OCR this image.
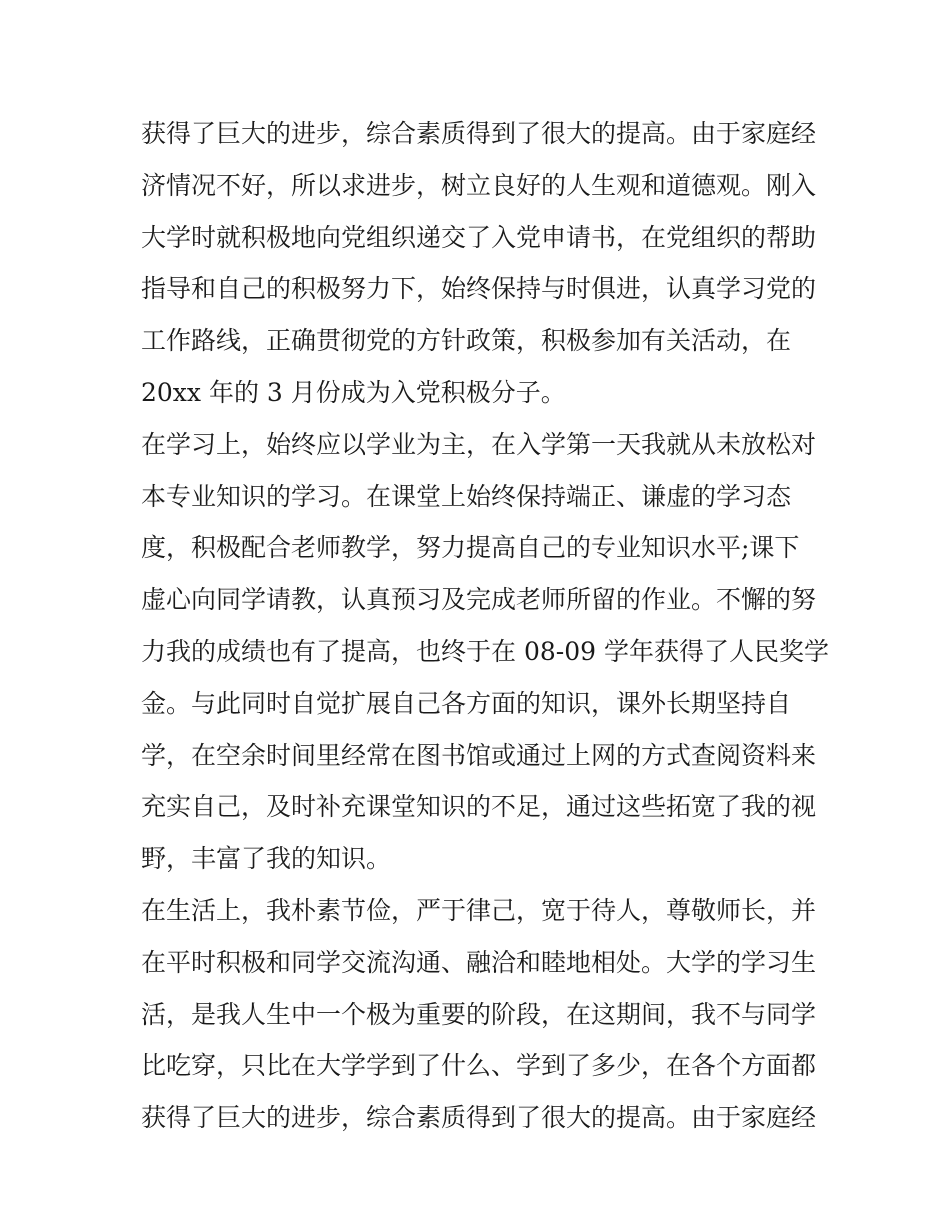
获得了巨大的进步，综合素质得到了很大的提高。由于家庭经
济情况不好，所以求进步，树立良好的人生观和道德观。刚入
大学时就积极地向党组织递交了入党申请书，在党组织的帮助
指导和自己的积极努力下，始终保持与时俱进，认真学习党的
工作路线，正确贯彻党的方针政策，积极参加有关活动，在
20xx 年的 3 月份成为入党积极分子。
在学习上，始终应以学业为主，在入学第一天我就从未放松对
本专业知识的学习。在课堂上始终保持端正、谦虚的学习态
度，积极配合老师教学，努力提高自己的专业知识水平;课下
虚心向同学请教，认真预习及完成老师所留的作业。不懈的努
力我的成绩也有了提高，也终于在 08-09 学年获得了人民奖学
金。与此同时自觉扩展自己各方面的知识，课外长期坚持自
学，在空余时间里经常在图书馆或通过上网的方式查阅资料来
充实自己，及时补充课堂知识的不足，通过这些拓宽了我的视
野，丰富了我的知识。
在生活上，我朴素节俭，严于律己，宽于待人，尊敬师长，并
在平时积极和同学交流沟通、融洽和睦地相处。大学的学习生
活，是我人生中一个极为重要的阶段，在这期间，我不与同学
比吃穿，只比在大学学到了什么、学到了多少，在各个方面都
获得了巨大的进步，综合素质得到了很大的提高。由于家庭经
